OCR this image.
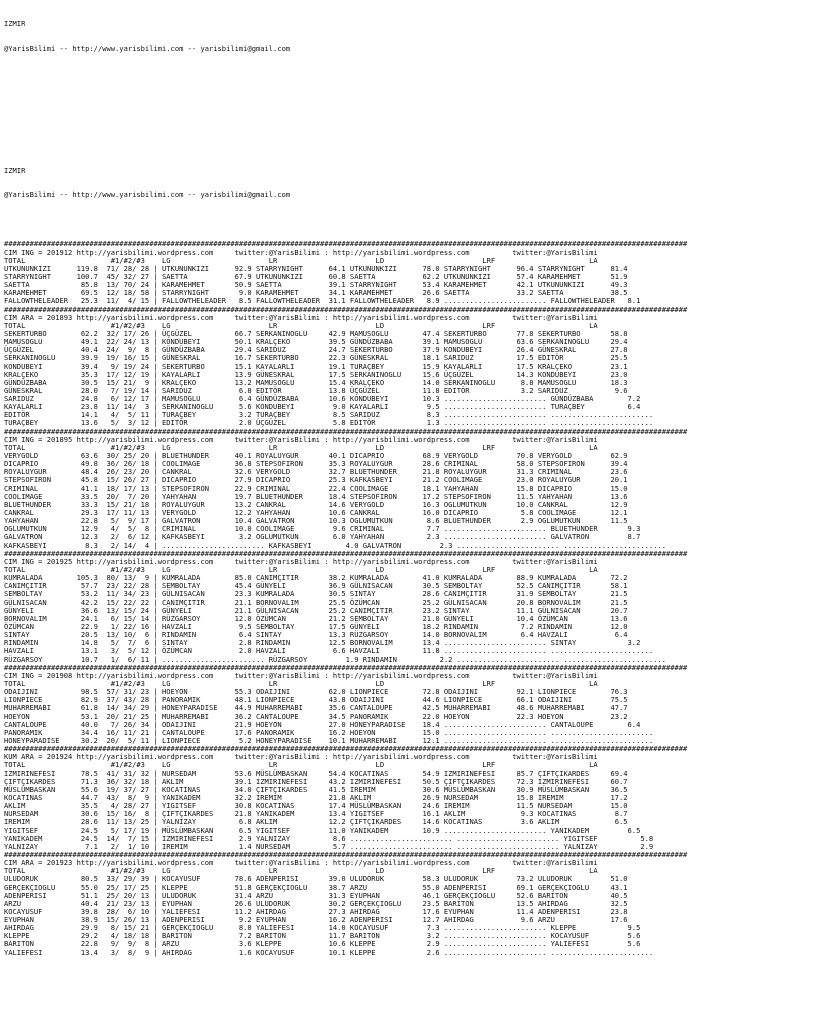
IZMIR

@YarisBilimi -- http://www.yarisbilimi.com -- yarisbilimi@gmail.com

IZMIR

@YarisBilimi -- http://www.yarisbilimi.com -- yarisbilimi@gmail.com

################################################################################################################################################################
CIM ING = 201912 http://yarisbilimi.wordpress.com     twitter:@YarisBilimi : http://yarisbilimi.wordpress.com          twitter:@YarisBilimi
TOTAL                    #1/#2/#3    LG                       LR                       LD                       LRF                      LA
UTKUNUNKIZI      119.8  71/ 28/ 28 | UTKUNUNKIZI      92.9 STARRYNIGHT      64.1 UTKUNUNKIZI      78.0 STARRYNIGHT      96.4 STARRYNIGHT      81.4
STARRYNIGHT      100.7  45/ 32/ 27 | SAETTA           67.9 UTKUNUNKIZI      60.8 SAETTA           62.2 UTKUNUNKIZI      57.4 KARAMEHMET       51.9
SAETTA            85.8  13/ 70/ 24 | KARAMEHMET       50.9 SAETTA           39.1 STARRYNIGHT      53.4 KARAMEHMET       42.1 UTKUNUNKIZI      49.3
KARAMEHMET        69.5  12/ 18/ 58 | STARRYNIGHT       9.0 KARAMEHMET       34.1 KARAMEHMET       26.6 SAETTA           33.2 SAETTA           38.5
FALLOWTHELEADER   25.3  11/  4/ 15 | FALLOWTHELEADER   8.5 FALLOWTHELEADER  31.1 FALLOWTHELEADER   8.9 ........................ FALLOWTHELEADER   8.1
################################################################################################################################################################
CIM ARA = 201893 http://yarisbilimi.wordpress.com     twitter:@YarisBilimi : http://yarisbilimi.wordpress.com          twitter:@YarisBilimi
TOTAL                    #1/#2/#3    LG                       LR                       LD                       LRF                      LA
SEKERTURBO        62.2  32/ 17/ 26 | ÜÇGÜZEL          66.7 SERKANINOGLU     42.9 MAMUSOGLU        47.4 SEKERTURBO       77.8 SEKERTURBO       58.8
MAMUSOGLU         49.1  22/ 24/ 13 | KONDUBEYI        50.1 KRALÇEKO         39.5 GÜNDÜZBABA       39.1 MAMUSOGLU        63.6 SERKANINOGLU     29.4
ÜÇGÜZEL           40.4  24/  9/  8 | GÜNDÜZBABA       29.4 SARIDUZ          24.7 SEKERTURBO       37.9 KONDUBEYI        26.4 GÜNESKRAL        27.8
SERKANINOGLU      39.9  19/ 16/ 15 | GÜNESKRAL        16.7 SEKERTURBO       22.3 GÜNESKRAL        18.1 SARIDUZ          17.5 EDITÖR           25.5
KONDUBEYI         39.4   9/ 19/ 24 | SEKERTURBO       15.1 KAYALARLI        19.1 TURAÇBEY         15.9 KAYALARLI        17.5 KRALÇEKO         23.1
KRALÇEKO          35.3  17/ 12/ 19 | KAYALARLI        13.9 GÜNESKRAL        17.5 SERKANINOGLU     15.6 ÜÇGÜZEL          14.3 KONDUBEYI        23.0
GÜNDÜZBABA        30.5  15/ 21/  9 | KRALÇEKO         13.2 MAMUSOGLU        15.4 KRALÇEKO         14.0 SERKANINOGLU      8.8 MAMUSOGLU        18.3
GÜNESKRAL         28.0   7/ 19/ 14 | SARIDUZ           6.8 EDITÖR           13.8 ÜÇGÜZEL          11.8 EDITÖR            3.2 SARIDUZ           9.6
SARIDUZ           24.8   6/ 12/ 17 | MAMUSOGLU         6.4 GÜNDÜZBABA       10.6 KONDUBEYI        10.3 ........................ GÜNDÜZBABA        7.2
KAYALARLI         23.8  11/ 14/  3 | SERKANINOGLU      5.6 KONDUBEYI         9.0 KAYALARLI         9.5 ........................ TURAÇBEY          6.4
EDITÖR            14.1   4/  5/ 11 | TURAÇBEY          3.2 TURAÇBEY          8.5 SARIDUZ           8.3 ........................ ........................
TURAÇBEY          13.6   5/  3/ 12 | EDITÖR            2.0 ÜÇGÜZEL           5.8 EDITÖR            1.3 ........................ ........................
################################################################################################################################################################
CIM ING = 201895 http://yarisbilimi.wordpress.com     twitter:@YarisBilimi : http://yarisbilimi.wordpress.com          twitter:@YarisBilimi
TOTAL                    #1/#2/#3    LG                       LR                       LD                       LRF                      LA
VERYGOLD          63.6  30/ 25/ 20 | BLUETHUNDER      40.1 ROYALUYGUR       40.1 DICAPRIO         68.9 VERYGOLD         70.8 VERYGOLD         62.9
DICAPRIO          49.8  36/ 26/ 18 | COOLIMAGE        36.8 STEPSOFIRON      35.3 ROYALUYGUR       28.6 CRIMINAL         58.0 STEPSOFIRON      39.4
ROYALUYGUR        48.4  26/ 23/ 20 | CANKRAL          32.6 VERYGOLD         32.7 BLUETHUNDER      21.8 ROYALUYGUR       31.3 CRIMINAL         23.6
STEPSOFIRON       45.8  15/ 26/ 27 | DICAPRIO         27.9 DICAPRIO         25.3 KAFKASBEYI       21.2 COOLIMAGE        23.0 ROYALUYGUR       20.1
CRIMINAL          41.1  18/ 17/ 13 | STEPSOFIRON      22.9 CRIMINAL         22.4 COOLIMAGE        18.1 YAHYAHAN         15.8 DICAPRIO         15.0
COOLIMAGE         33.5  20/  7/ 20 | YAHYAHAN         19.7 BLUETHUNDER      18.4 STEPSOFIRON      17.2 STEPSOFIRON      11.5 YAHYAHAN         13.6
BLUETHUNDER       33.3  15/ 21/ 18 | ROYALUYGUR       13.2 CANKRAL          14.6 VERYGOLD         16.3 OGLUMUTKUN       10.0 CANKRAL          12.9
CANKRAL           29.3  17/ 11/ 13 | VERYGOLD         12.2 YAHYAHAN         10.6 CANKRAL          16.0 DICAPRIO          5.8 COOLIMAGE        12.1
YAHYAHAN          22.8   5/  9/ 17 | GALVATRON        10.4 GALVATRON        10.3 OGLUMUTKUN        8.6 BLUETHUNDER       2.9 OGLUMUTKUN       11.5
OGLUMUTKUN        12.9   4/  5/  8 | CRIMINAL         10.0 COOLIMAGE         9.6 CRIMINAL          7.7 ........................ BLUETHUNDER       9.3
GALVATRON         12.3   2/  6/ 12 | KAFKASBEYI        3.2 OGLUMUTKUN        6.0 YAHYAHAN          2.3 ........................ GALVATRON         8.7
KAFKASBEYI         8.3   2/ 14/  4 | ........................ KAFKASBEYI        4.0 GALVATRON         2.3 ........................ ........................
################################################################################################################################################################
CIM ING = 201925 http://yarisbilimi.wordpress.com     twitter:@YarisBilimi : http://yarisbilimi.wordpress.com          twitter:@YarisBilimi
TOTAL                    #1/#2/#3    LG                       LR                       LD                       LRF                      LA
KUMRALADA        105.3  80/ 13/  9 | KUMRALADA        85.0 CANIMÇITIR       38.2 KUMRALADA        41.0 KUMRALADA        88.9 KUMRALADA        72.2
CANIMÇITIR        57.7  23/ 22/ 28 | SEMBOLTAY        45.4 GÜNYELI          36.9 GÜLNISACAN       30.5 SEMBOLTAY        52.5 CANIMÇITIR       58.1
SEMBOLTAY         53.2  11/ 34/ 23 | GÜLNISACAN       23.3 KUMRALADA        30.5 SINTAY           28.6 CANIMÇITIR       31.9 SEMBOLTAY        21.5
GÜLNISACAN        42.2  15/ 22/ 22 | CANIMÇITIR       21.1 BORNOVALIM       25.5 ÖZÜMCAN          25.2 GÜLNISACAN       20.8 BORNOVALIM       21.5
GÜNYELI           36.6  13/ 15/ 24 | GÜNYELI          21.1 GÜLNISACAN       25.2 CANIMÇITIR       23.2 SINTAY           11.1 GÜLNISACAN       20.7
BORNOVALIM        24.1   6/ 15/ 14 | RÜZGARSOY        12.0 ÖZÜMCAN          21.2 SEMBOLTAY        21.0 GÜNYELI          10.4 ÖZÜMCAN          13.6
ÖZÜMCAN           22.9   1/ 22/ 16 | HAVZALI           9.5 SEMBOLTAY        17.5 GÜNYELI          18.2 RINDAMIN          7.2 RINDAMIN         12.0
SINTAY            20.5  13/ 10/  6 | RINDAMIN          6.4 SINTAY           13.3 RÜZGARSOY        14.0 BORNOVALIM        6.4 HAVZALI           6.4
RINDAMIN          14.8   5/  7/  6 | SINTAY            2.8 RINDAMIN         12.5 BORNOVALIM       13.4 ........................ SINTAY            3.2
HAVZALI           13.1   3/  5/ 12 | ÖZÜMCAN           2.0 HAVZALI           6.6 HAVZALI          11.8 ........................ ........................
RÜZGARSOY         10.7   1/  6/ 11 | ........................ RÜZGARSOY         1.9 RINDAMIN          2.2 ........................ ........................
################################################################################################################################################################
CIM ING = 201908 http://yarisbilimi.wordpress.com     twitter:@YarisBilimi : http://yarisbilimi.wordpress.com          twitter:@YarisBilimi
TOTAL                    #1/#2/#3    LG                       LR                       LD                       LRF                      LA
ODAIJINI          98.5  57/ 31/ 23 | HOEYON           55.3 ODAIJINI         62.0 LIONPIECE        72.8 ODAIJINI         92.1 LIONPIECE        76.3
LIONPIECE         82.9  37/ 43/ 28 | PANORAMIK        48.1 LIONPIECE        43.8 ODAIJINI         44.6 LIONPIECE        66.1 ODAIJINI         75.5
MUHARREMABI       61.8  14/ 34/ 29 | HONEYPARADISE    44.9 MUHARREMABI      35.6 CANTALOUPE       42.5 MUHARREMABI      48.6 MUHARREMABI      47.7
HOEYON            53.1  20/ 21/ 25 | MUHARREMABI      36.2 CANTALOUPE       34.5 PANORAMIK        22.0 HOEYON           22.3 HOEYON           23.2
CANTALOUPE        40.0   7/ 26/ 34 | ODAIJINI         21.9 HOEYON           27.0 HONEYPARADISE    18.4 ........................ CANTALOUPE        6.4
PANORAMIK         34.4  16/ 11/ 21 | CANTALOUPE       17.6 PANORAMIK        16.2 HOEYON           15.0 ........................ ........................
HONEYPARADISE     30.2  20/  5/ 11 | LIONPIECE         5.2 HONEYPARADISE    10.1 MUHARREMABI      12.1 ........................ ........................
################################################################################################################################################################
KUM ARA = 201924 http://yarisbilimi.wordpress.com     twitter:@YarisBilimi : http://yarisbilimi.wordpress.com          twitter:@YarisBilimi
TOTAL                    #1/#2/#3    LG                       LR                       LD                       LRF                      LA
IZMIRINEFESI      78.5  41/ 31/ 32 | NURSEDAM         53.6 MÜSLÜMBASKAN     54.4 KOCATINAS        54.9 IZMIRINEFESI     85.7 ÇIFTÇIKARDES     69.4
ÇIFTÇIKARDES      71.3  36/ 32/ 18 | AKLIM            39.1 IZMIRINEFESI     43.2 IZMIRINEFESI     50.5 ÇIFTÇIKARDES     72.3 IZMIRINEFESI     60.7
MÜSLÜMBASKAN      55.6  19/ 37/ 27 | KOCATINAS        34.0 ÇIFTÇIKARDES     41.5 IREMIM           30.6 MÜSLÜMBASKAN     30.9 MÜSLÜMBASKAN     36.5
KOCATINAS         44.7  43/  8/  9 | YANIKADEM        32.2 IREMIM           21.8 AKLIM            26.9 NURSEDAM         15.8 IREMIM           17.2
AKLIM             35.5   4/ 28/ 27 | YIGITSEF         30.8 KOCATINAS        17.4 MÜSLÜMBASKAN     24.6 IREMIM           11.5 NURSEDAM         15.0
NURSEDAM          30.6  15/ 16/  8 | ÇIFTÇIKARDES     21.8 YANIKADEM        13.4 YIGITSEF         16.1 AKLIM             9.3 KOCATINAS         8.7
IREMIM            28.6  11/ 13/ 25 | YALNIZAY          6.8 AKLIM            12.2 ÇIFTÇIKARDES     14.6 KOCATINAS         3.6 AKLIM             6.5
YIGITSEF          24.5   5/ 17/ 19 | MÜSLÜMBASKAN      6.5 YIGITSEF         11.0 YANIKADEM        10.9 ........................ YANIKADEM         6.5
YANIKADEM         24.5  14/  7/ 15 | IZMIRINEFESI      2.9 YALNIZAY          8.6 ........................ ........................ YIGITSEF          5.8
YALNIZAY           7.1   2/  1/ 10 | IREMIM            1.4 NURSEDAM          5.7 ........................ ........................ YALNIZAY          2.9
################################################################################################################################################################
CIM ARA = 201923 http://yarisbilimi.wordpress.com     twitter:@YarisBilimi : http://yarisbilimi.wordpress.com          twitter:@YarisBilimi
TOTAL                    #1/#2/#3    LG                       LR                       LD                       LRF                      LA
ULUDORUK          80.5  33/ 29/ 39 | KOCAYUSUF        78.6 ADENPERISI       39.0 ULUDORUK         58.3 ULUDORUK         73.2 ULUDORUK         51.0
GERÇEKÇIOGLU      55.0  25/ 17/ 25 | KLEPPE           51.8 GERÇEKÇIOGLU     38.7 ARZU             55.0 ADENPERISI       69.1 GERÇEKÇIOGLU     43.1
ADENPERISI        51.1  25/ 20/ 13 | ULUDORUK         31.4 ARZU             31.3 EYUPHAN          46.1 GERÇEKÇIOGLU     52.6 BARITON          40.5
ARZU              40.4  21/ 23/ 13 | EYUPHAN          26.6 ULUDORUK         30.2 GERÇEKÇIOGLU     23.5 BARITON          13.5 AHIRDAG          32.5
KOCAYUSUF         39.8  28/  6/ 10 | YALIEFESI        11.2 AHIRDAG          27.3 AHIRDAG          17.6 EYUPHAN          11.4 ADENPERISI       23.8
EYUPHAN           38.9  15/ 26/ 13 | ADENPERISI        9.2 EYUPHAN          16.2 ADENPERISI       12.7 AHIRDAG           9.6 ARZU             17.6
AHIRDAG           29.9   8/ 15/ 21 | GERÇEKÇIOGLU      8.0 YALIEFESI        14.0 KOCAYUSUF         7.3 ........................ KLEPPE            9.5
KLEPPE            29.2   4/ 18/ 18 | BARITON           7.2 BARITON          11.7 BARITON           3.2 ........................ KOCAYUSUF         5.6
BARITON           22.8   9/  9/  8 | ARZU              3.6 KLEPPE           10.6 KLEPPE            2.9 ........................ YALIEFESI         5.6
YALIEFESI         13.4   3/  8/  9 | AHIRDAG           1.6 KOCAYUSUF        10.1 KLEPPE            2.6 ........................ ........................
